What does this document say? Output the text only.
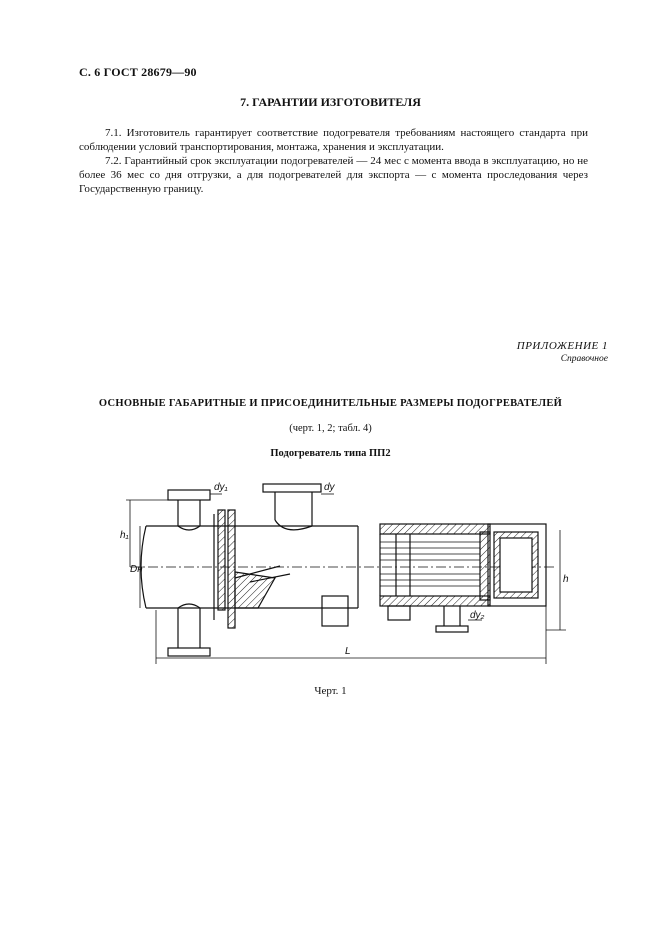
С. 6 ГОСТ 28679—90
7. ГАРАНТИИ ИЗГОТОВИТЕЛЯ

7.1. Изготовитель гарантирует соответствие подогревателя требованиям настоящего стандарта при соблюдении условий транспортирования, монтажа, хранения и эксплуатации.

7.2. Гарантийный срок эксплуатации подогревателей — 24 мес с момента ввода в эксплуатацию, но не более 36 мес со дня отгрузки, а для подогревателей для экспорта — с момента проследования через Государственную границу.

ПРИЛОЖЕНИЕ 1
Справочное
ОСНОВНЫЕ ГАБАРИТНЫЕ И ПРИСОЕДИНИТЕЛЬНЫЕ РАЗМЕРЫ ПОДОГРЕВАТЕЛЕЙ
(черт. 1, 2; табл. 4)
Подогреватель типа ПП2
dу₁	dу
dу₂
h₁
Dн
h
L
Черт. 1
